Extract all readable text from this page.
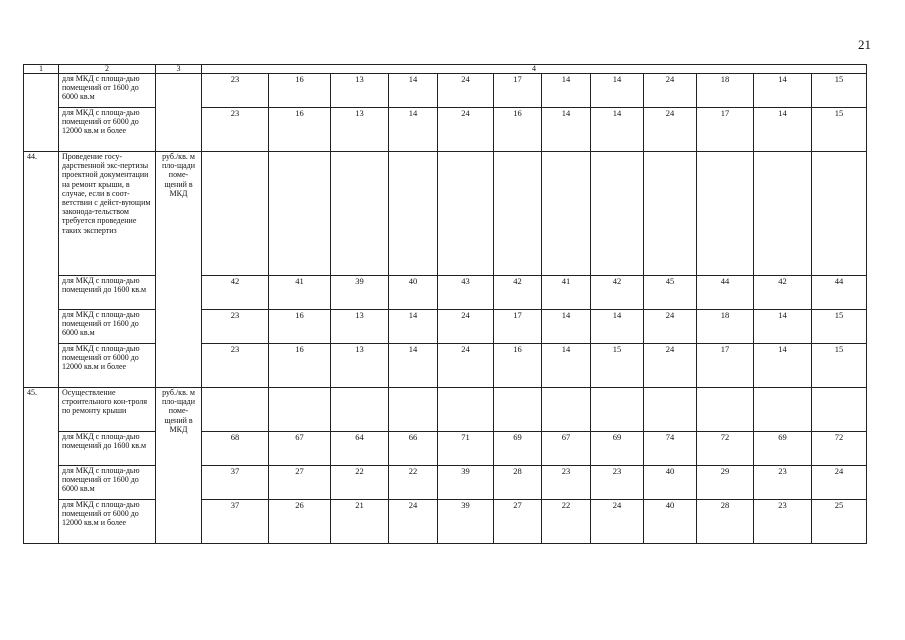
21
1	2	3	4											
	для МКД с площа-дью помещений от 1600 до 6000 кв.м		23	16	13	14	24	17	14	14	24	18	14	15
	для МКД с площа-дью помещений от 6000 до 12000 кв.м и более		23	16	13	14	24	16	14	14	24	17	14	15
44.	Проведение госу-дарственной экс-пертизы проектной документации на ремонт крыши, в случае, если в соот-ветствии с дейст-вующим законода-тельством требуется проведение таких экспертиз	руб./кв. м пло-щади поме-щений в МКД												
	для МКД с площа-дью помещений до 1600 кв.м		42	41	39	40	43	42	41	42	45	44	42	44
	для МКД с площа-дью помещений от 1600 до 6000 кв.м		23	16	13	14	24	17	14	14	24	18	14	15
	для МКД с площа-дью помещений от 6000 до 12000 кв.м и более		23	16	13	14	24	16	14	15	24	17	14	15
45.	Осуществление строительного кон-троля по ремонту крыши	руб./кв. м пло-щади поме-щений в МКД												
	для МКД с площа-дью помещений до 1600 кв.м		68	67	64	66	71	69	67	69	74	72	69	72
	для МКД с площа-дью помещений от 1600 до 6000 кв.м		37	27	22	22	39	28	23	23	40	29	23	24
	для МКД с площа-дью помещений от 6000 до 12000 кв.м и более		37	26	21	24	39	27	22	24	40	28	23	25
